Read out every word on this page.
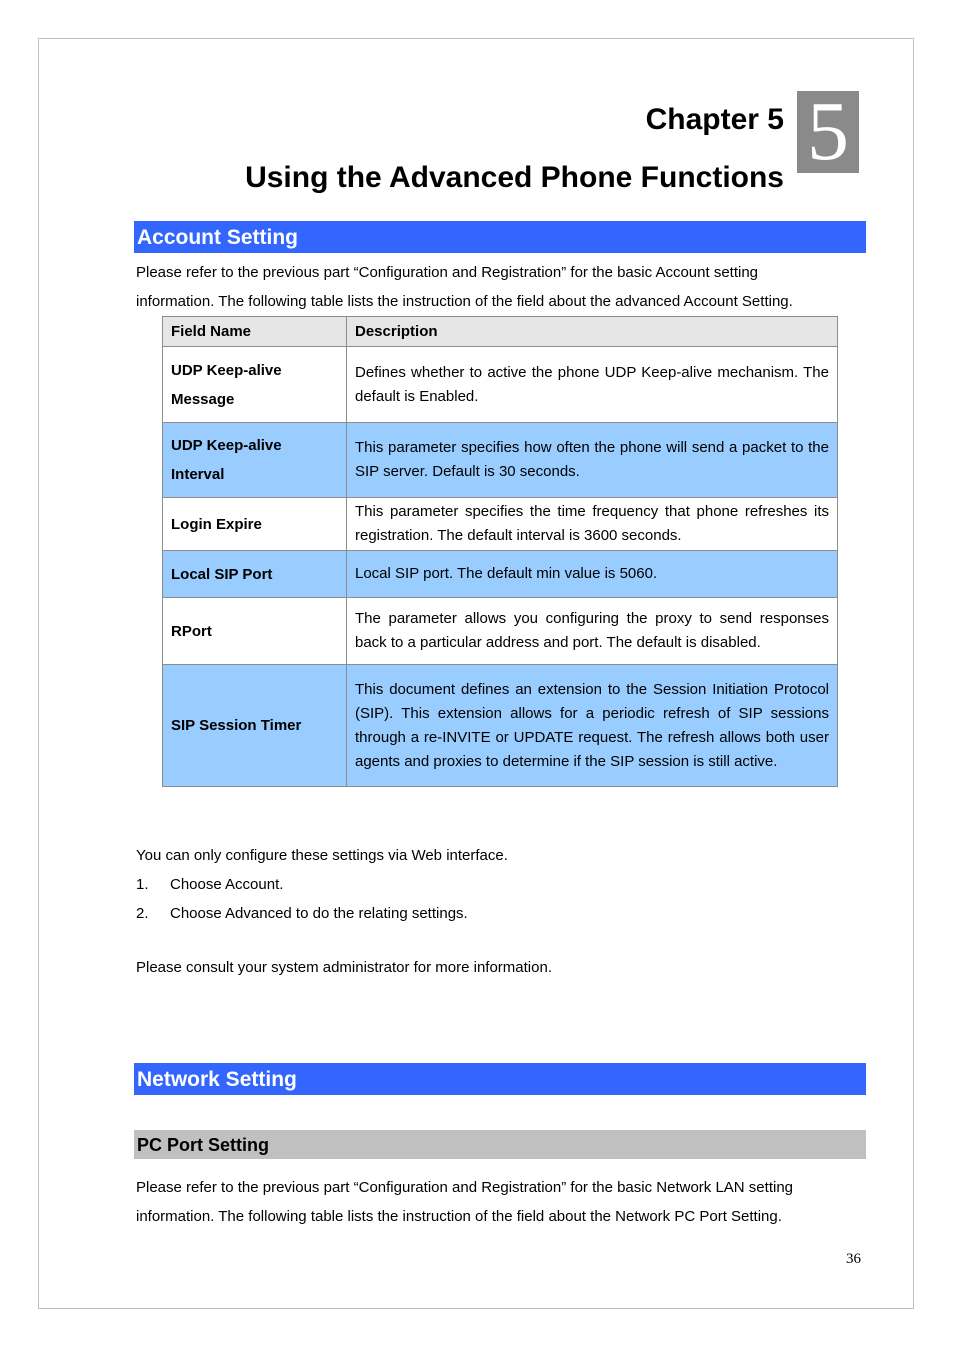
Chapter 5
Using the Advanced Phone Functions 5
Account Setting
Please refer to the previous part “Configuration and Registration” for the basic Account setting
information. The following table lists the instruction of the field about the advanced Account Setting.
Field Name	Description

UDP Keep-alive
Message	Defines whether to active the phone UDP Keep-alive mechanism. The default is Enabled.

UDP Keep-alive
Interval	This parameter specifies how often the phone will send a packet to the SIP server. Default is 30 seconds.

Login Expire	This parameter specifies the time frequency that phone refreshes its registration. The default interval is 3600 seconds.

Local SIP Port	Local SIP port. The default min value is 5060.

RPort	The parameter allows you configuring the proxy to send responses back to a particular address and port. The default is disabled.

SIP Session Timer	This document defines an extension to the Session Initiation Protocol (SIP). This extension allows for a periodic refresh of SIP sessions through a re-INVITE or UPDATE request. The refresh allows both user agents and proxies to determine if the SIP session is still active.
You can only configure these settings via Web interface.
1. Choose Account.
2. Choose Advanced to do the relating settings.
Please consult your system administrator for more information.
Network Setting
PC Port Setting
Please refer to the previous part “Configuration and Registration” for the basic Network LAN setting
information. The following table lists the instruction of the field about the Network PC Port Setting.
36
